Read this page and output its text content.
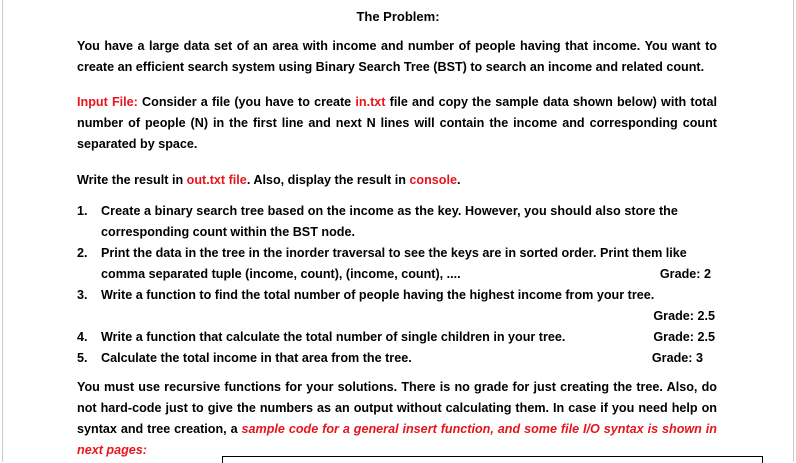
The Problem:

You have a large data set of an area with income and number of people having that income. You want to create an efficient search system using Binary Search Tree (BST) to search an income and related count.

Input File: Consider a file (you have to create in.txt file and copy the sample data shown below) with total number of people (N) in the first line and next N lines will contain the income and corresponding count separated by space.

Write the result in out.txt file. Also, display the result in console.

1. Create a binary search tree based on the income as the key. However, you should also store the
corresponding count within the BST node.
2. Print the data in the tree in the inorder traversal to see the keys are in sorted order. Print them like
comma separated tuple (income, count), (income, count), ....	Grade: 2
3. Write a function to find the total number of people having the highest income from your tree.
Grade: 2.5
4. Write a function that calculate the total number of single children in your tree.	Grade: 2.5
5. Calculate the total income in that area from the tree.	Grade: 3

You must use recursive functions for your solutions. There is no grade for just creating the tree. Also, do not hard-code just to give the numbers as an output without calculating them. In case if you need help on syntax and tree creation, a sample code for a general insert function, and some file I/O syntax is shown in next pages:
